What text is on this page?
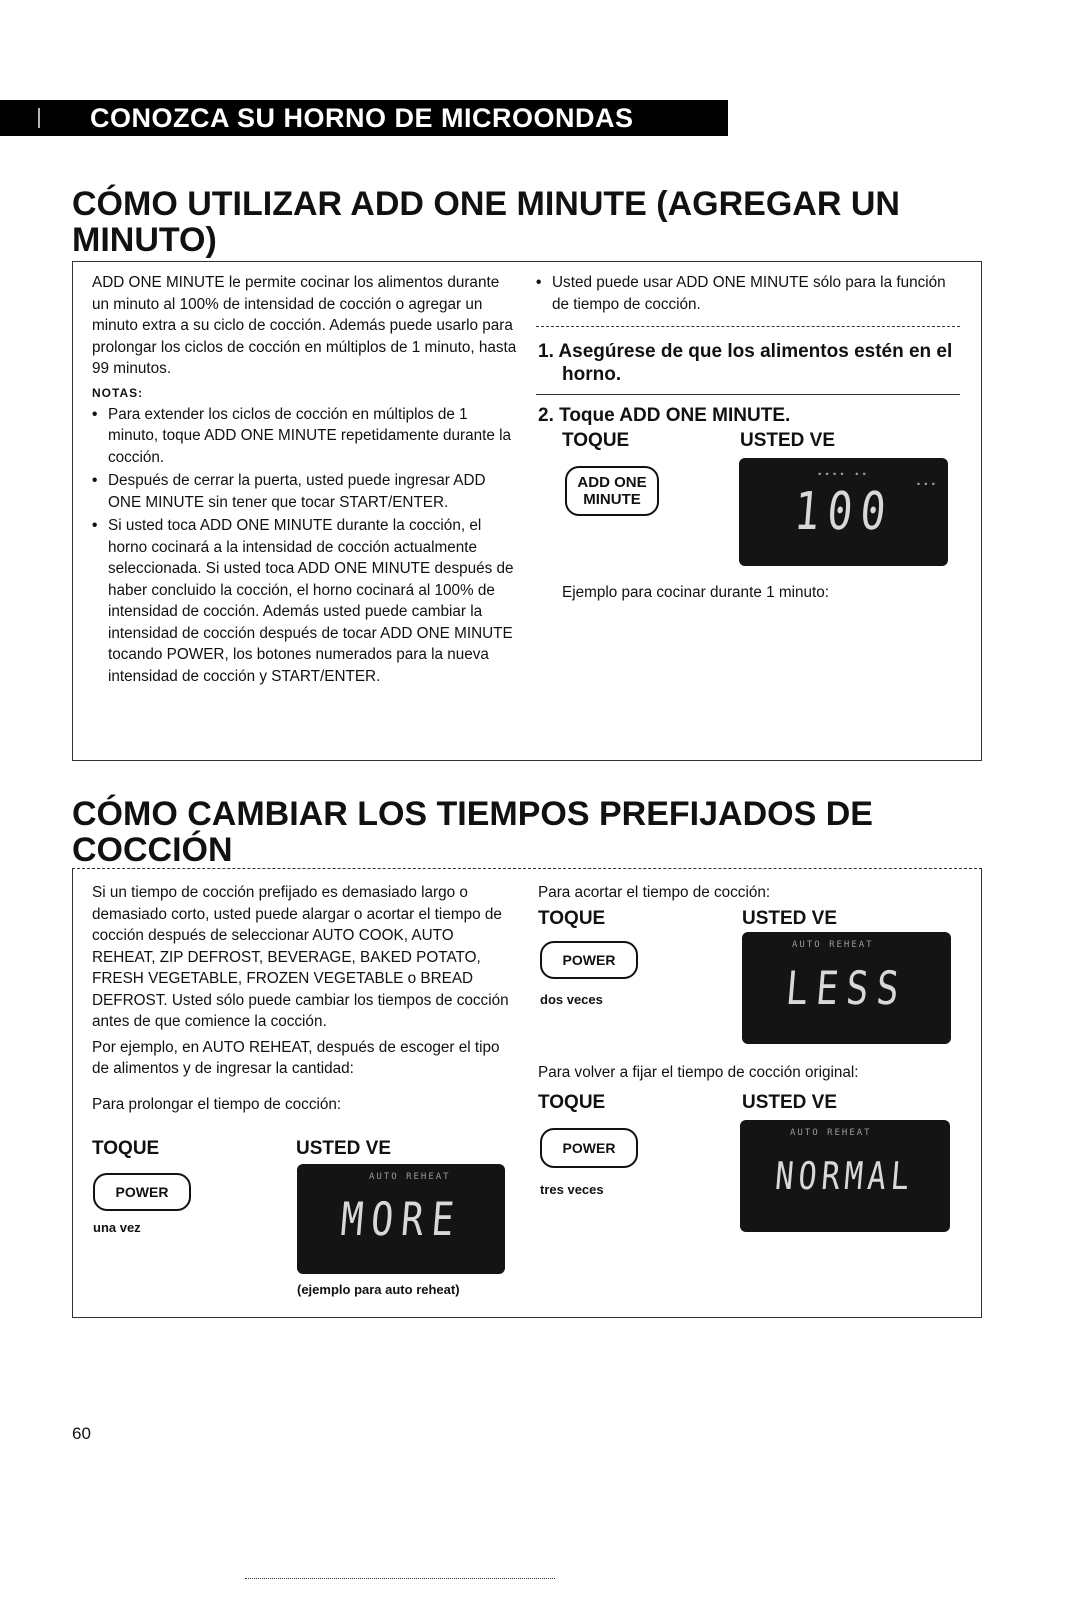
CONOZCA SU HORNO DE MICROONDAS
CÓMO UTILIZAR ADD ONE MINUTE (AGREGAR UN
MINUTO)

ADD ONE MINUTE le permite cocinar los alimentos durante un minuto al 100% de intensidad de cocción o agregar un minuto extra a su ciclo de cocción. Además puede usarlo para prolongar los ciclos de cocción en múltiplos de 1 minuto, hasta 99 minutos.

NOTAS:
• Para extender los ciclos de cocción en múltiplos de 1 minuto, toque ADD ONE MINUTE repetidamente durante la cocción.
• Después de cerrar la puerta, usted puede ingresar ADD ONE MINUTE sin tener que tocar START/ENTER.
• Si usted toca ADD ONE MINUTE durante la cocción, el horno cocinará a la intensidad de cocción actualmente seleccionada. Si usted toca ADD ONE MINUTE después de haber concluido la cocción, el horno cocinará al 100% de intensidad de cocción. Además usted puede cambiar la intensidad de cocción después de tocar ADD ONE MINUTE tocando POWER, los botones numerados para la nueva intensidad de cocción y START/ENTER.
• Usted puede usar ADD ONE MINUTE sólo para la función de tiempo de cocción.
1. Asegúrese de que los alimentos estén en el horno.
2. Toque ADD ONE MINUTE.
TOQUE	USTED VE
ADD ONE
MINUTE
∙∙∙∙ ∙∙
∙∙∙
100
Ejemplo para cocinar durante 1 minuto:
CÓMO CAMBIAR LOS TIEMPOS PREFIJADOS DE
COCCIÓN

Si un tiempo de cocción prefijado es demasiado largo o demasiado corto, usted puede alargar o acortar el tiempo de cocción después de seleccionar AUTO COOK, AUTO REHEAT, ZIP DEFROST, BEVERAGE, BAKED POTATO, FRESH VEGETABLE, FROZEN VEGETABLE o BREAD DEFROST. Usted sólo puede cambiar los tiempos de cocción antes de que comience la cocción.

Por ejemplo, en AUTO REHEAT, después de escoger el tipo de alimentos y de ingresar la cantidad:

Para prolongar el tiempo de cocción:

TOQUE	USTED VE
POWER
una vez
AUTO REHEAT
MORE
(ejemplo para auto reheat)
Para acortar el tiempo de cocción:
TOQUE	USTED VE
POWER
dos veces
AUTO REHEAT
LESS
Para volver a fijar el tiempo de cocción original:
TOQUE	USTED VE
POWER
tres veces
AUTO REHEAT
NORMAL
60
